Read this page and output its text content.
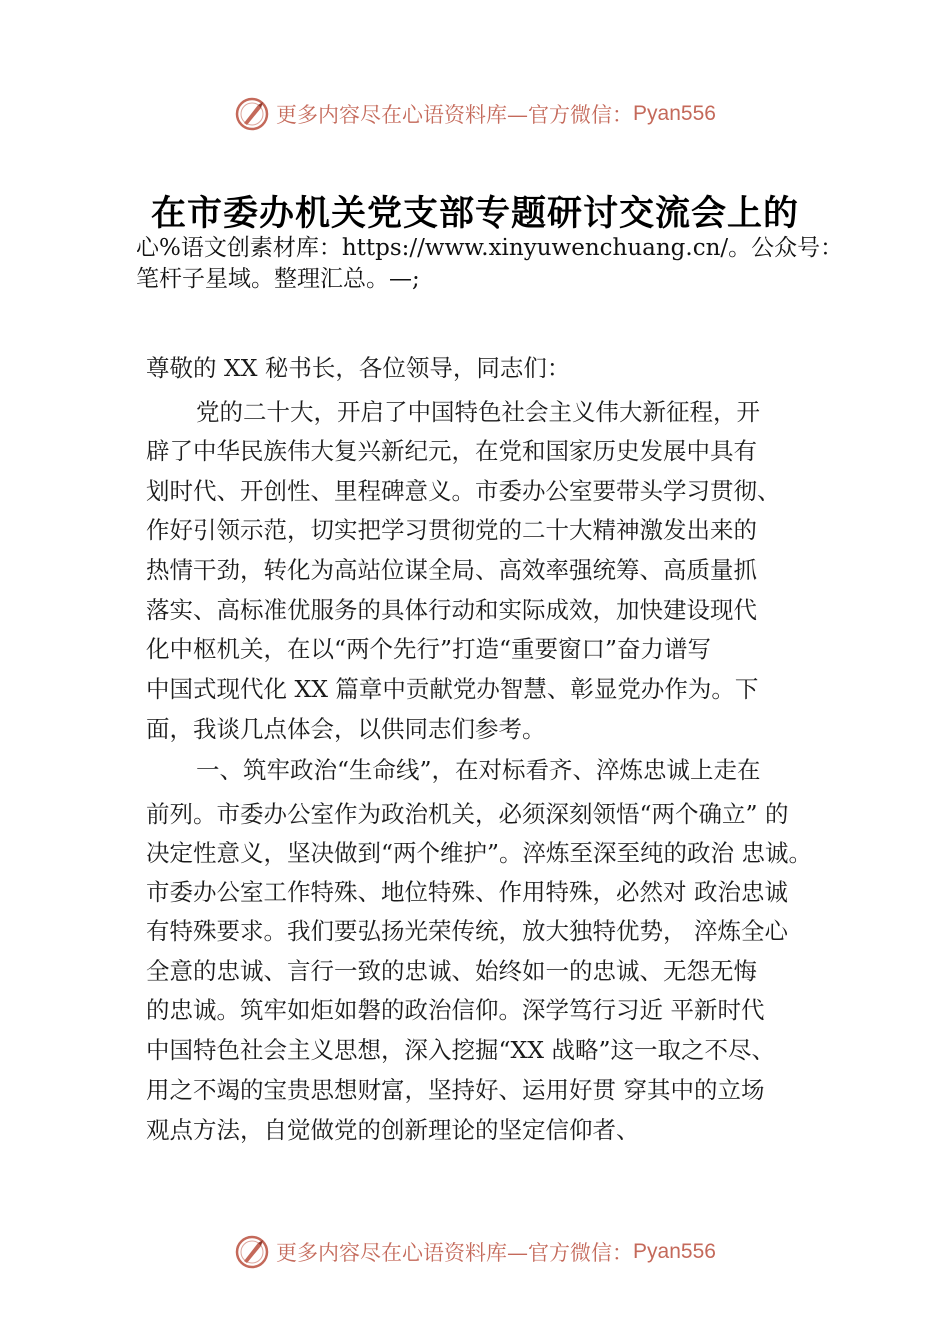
更多内容尽在心语资料库—官方微信： Pyan556
在市委办机关党支部专题研讨交流会上的
心%语文创素材库：https://www.xinyuwenchuang.cn/。公众号：
笔杆子星域。整理汇总。—;
尊敬的 XX 秘书长，各位领导，同志们：
党的二十大，开启了中国特色社会主义伟大新征程，开
辟了中华民族伟大复兴新纪元，在党和国家历史发展中具有
划时代、开创性、里程碑意义。市委办公室要带头学习贯彻、
作好引领示范，切实把学习贯彻党的二十大精神激发出来的
热情干劲，转化为高站位谋全局、高效率强统筹、高质量抓
落实、高标准优服务的具体行动和实际成效，加快建设现代
化中枢机关，在以“两个先行”打造“重要窗口”奋力谱写
中国式现代化 XX 篇章中贡献党办智慧、彰显党办作为。下
面，我谈几点体会，以供同志们参考。
一、筑牢政治“生命线”，在对标看齐、淬炼忠诚上走在
前列。市委办公室作为政治机关，必须深刻领悟“两个确立” 的
决定性意义，坚决做到“两个维护”。淬炼至深至纯的政治 忠诚。
市委办公室工作特殊、地位特殊、作用特殊，必然对 政治忠诚
有特殊要求。我们要弘扬光荣传统，放大独特优势， 淬炼全心
全意的忠诚、言行一致的忠诚、始终如一的忠诚、无怨无悔
的忠诚。筑牢如炬如磐的政治信仰。深学笃行习近 平新时代
中国特色社会主义思想，深入挖掘“XX 战略”这一取之不尽、
用之不竭的宝贵思想财富，坚持好、运用好贯 穿其中的立场
观点方法，自觉做党的创新理论的坚定信仰者、
更多内容尽在心语资料库—官方微信： Pyan556
